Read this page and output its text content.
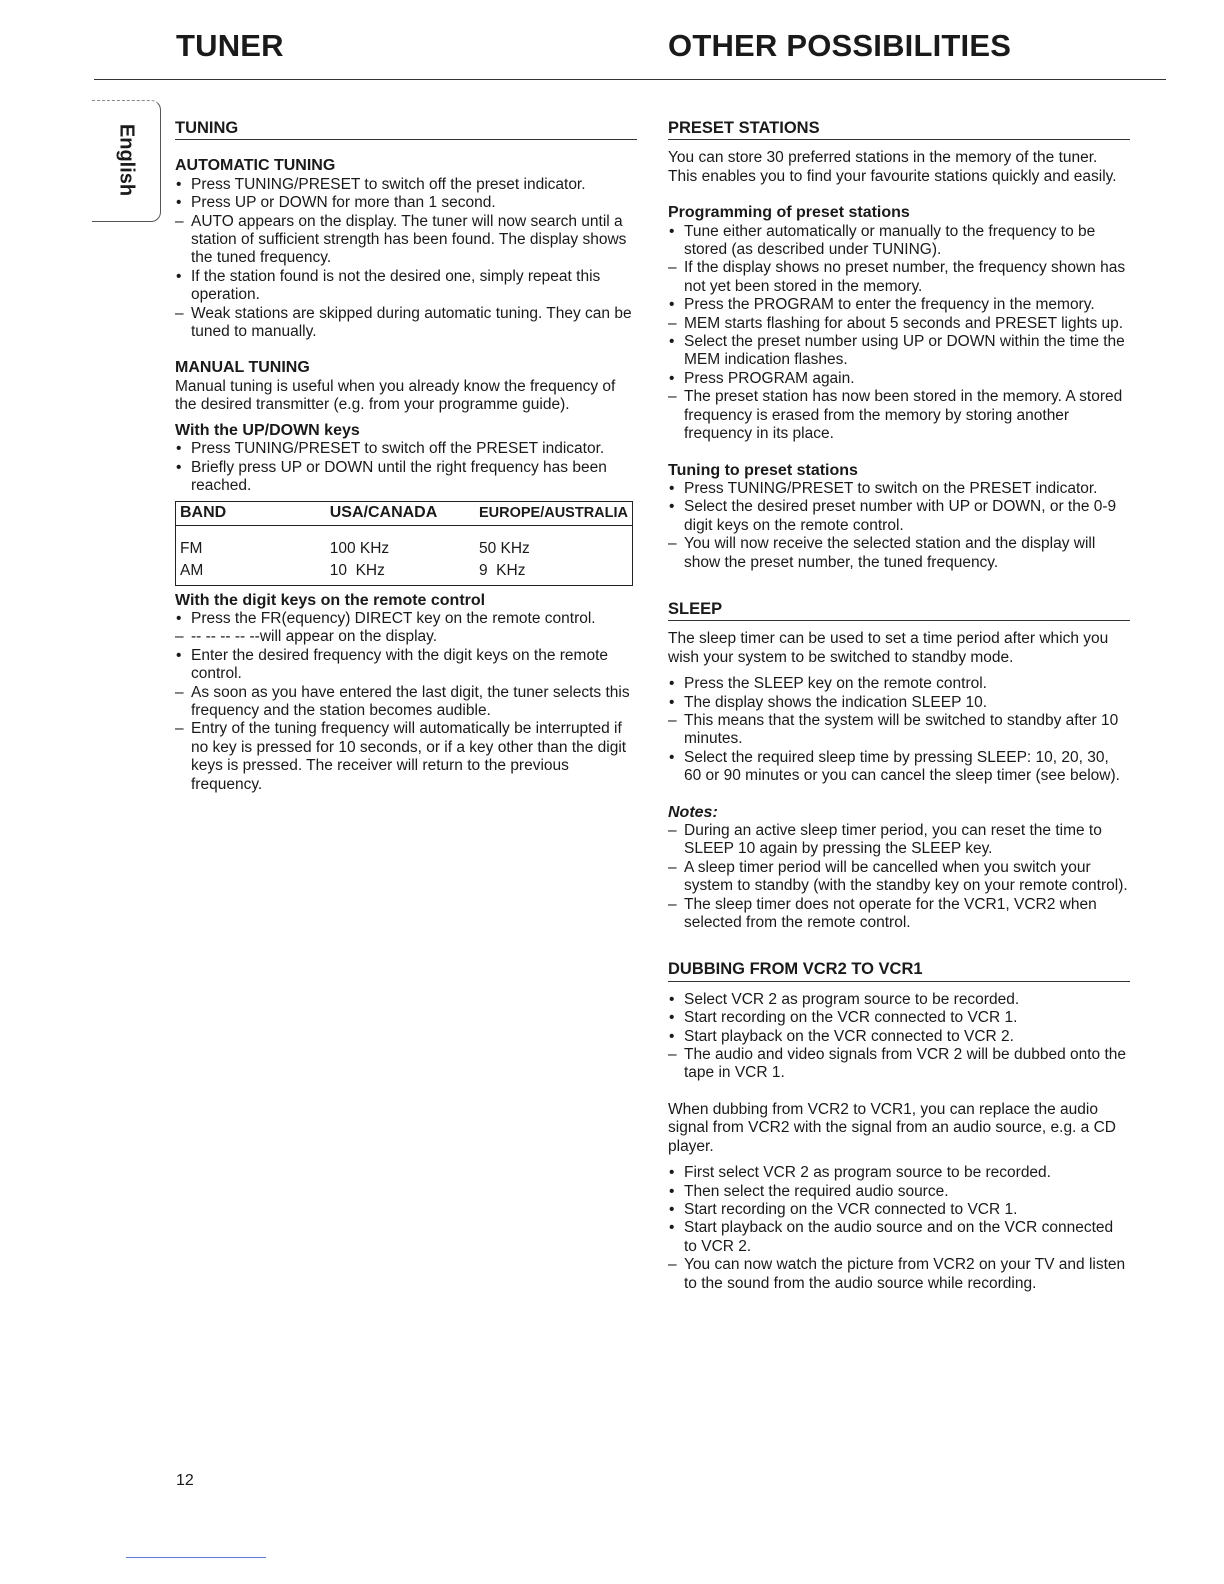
TUNER	OTHER POSSIBILITIES
English TUNING

AUTOMATIC TUNING

• Press TUNING/PRESET to switch off the preset indicator.
• Press UP or DOWN for more than 1 second.
– AUTO appears on the display. The tuner will now search until a station of sufficient strength has been found. The display shows the tuned frequency.
• If the station found is not the desired one, simply repeat this operation.
– Weak stations are skipped during automatic tuning. They can be tuned to manually.

MANUAL TUNING

Manual tuning is useful when you already know the frequency of the desired transmitter (e.g. from your programme guide).

With the UP/DOWN keys

• Press TUNING/PRESET to switch off the PRESET indicator.
• Briefly press UP or DOWN until the right frequency has been reached.
BAND	USA/CANADA	EUROPE/AUSTRALIA
FM	100 KHz	50 KHz
AM	10  KHz	9  KHz

With the digit keys on the remote control

• Press the FR(equency) DIRECT key on the remote control.
– -- -- -- -- --will appear on the display.
• Enter the desired frequency with the digit keys on the remote control.
– As soon as you have entered the last digit, the tuner selects this frequency and the station becomes audible.
– Entry of the tuning frequency will automatically be interrupted if no key is pressed for 10 seconds, or if a key other than the digit keys is pressed. The receiver will return to the previous frequency.
PRESET STATIONS

You can store 30 preferred stations in the memory of the tuner. This enables you to find your favourite stations quickly and easily.

Programming of preset stations

• Tune either automatically or manually to the frequency to be stored (as described under TUNING).
– If the display shows no preset number, the frequency shown has not yet been stored in the memory.
• Press the PROGRAM to enter the frequency in the memory.
– MEM starts flashing for about 5 seconds and PRESET lights up.
• Select the preset number using UP or DOWN within the time the MEM indication flashes.
• Press PROGRAM again.
– The preset station has now been stored in the memory. A stored frequency is erased from the memory by storing another frequency in its place.

Tuning to preset stations

• Press TUNING/PRESET to switch on the PRESET indicator.
• Select the desired preset number with UP or DOWN, or the 0-9 digit keys on the remote control.
– You will now receive the selected station and the display will show the preset number, the tuned frequency.
SLEEP

The sleep timer can be used to set a time period after which you wish your system to be switched to standby mode.

• Press the SLEEP key on the remote control.
• The display shows the indication SLEEP 10.
– This means that the system will be switched to standby after 10 minutes.
• Select the required sleep time by pressing SLEEP: 10, 20, 30, 60 or 90 minutes or you can cancel the sleep timer (see below).

Notes:

– During an active sleep timer period, you can reset the time to SLEEP 10 again by pressing the SLEEP key.
– A sleep timer period will be cancelled when you switch your system to standby (with the standby key on your remote control).
– The sleep timer does not operate for the VCR1, VCR2 when selected from the remote control.
DUBBING FROM VCR2 TO VCR1
• Select VCR 2 as program source to be recorded.
• Start recording on the VCR connected to VCR 1.
• Start playback on the VCR connected to VCR 2.
– The audio and video signals from VCR 2 will be dubbed onto the tape in VCR 1.

When dubbing from VCR2 to VCR1, you can replace the audio signal from VCR2 with the signal from an audio source, e.g. a CD player.

• First select VCR 2 as program source to be recorded.
• Then select the required audio source.
• Start recording on the VCR connected to VCR 1.
• Start playback on the audio source and on the VCR connected to VCR 2.
– You can now watch the picture from VCR2 on your TV and listen to the sound from the audio source while recording.
12
